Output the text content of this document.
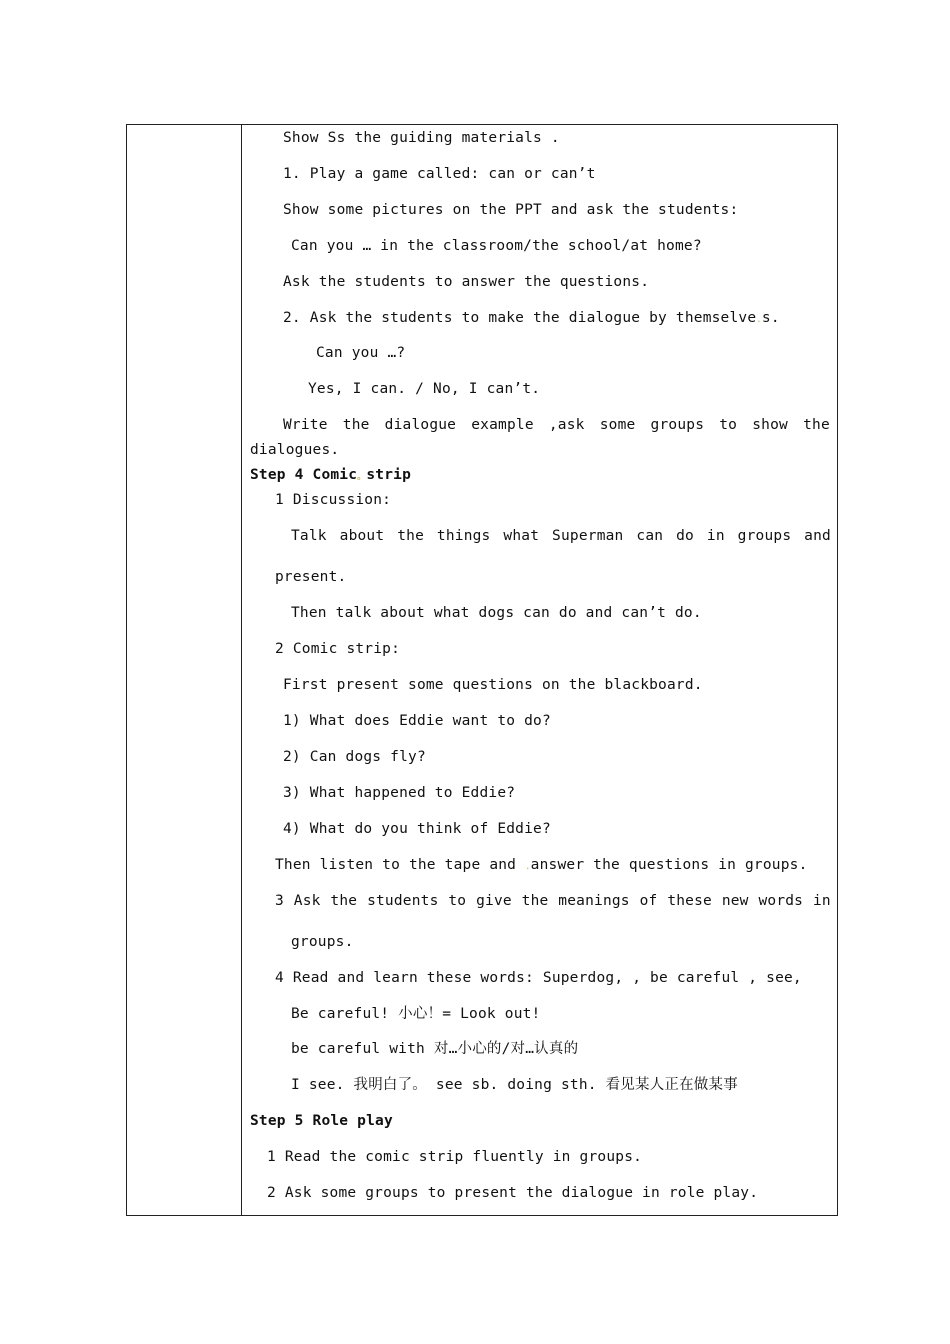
Show Ss the guiding materials .
1. Play a game called: can or can’t
Show some pictures on the PPT and ask the students:
Can you … in the classroom/the school/at home?
Ask the students to answer the questions.
2. Ask the students to make the dialogue by themselve.s.
Can you …?
Yes, I can. / No, I can’t.
Write the dialogue example ,ask some groups to show the
dialogues.
Step 4 Comic。strip
1 Discussion:
Talk about the things what Superman can do in groups and
present.
Then talk about what dogs can do and can’t do.
2 Comic strip:
First present some questions on the blackboard.
1) What does Eddie want to do?
2) Can dogs fly?
3) What happened to Eddie?
4) What do you think of Eddie?
Then listen to the tape and .answer the questions in groups.
3 Ask the students to give the meanings of these new words in
groups.
4 Read and learn these words: Superdog, , be careful , see,
Be careful! 小心！= Look out!
be careful with 对…小心的/对…认真的
I see. 我明白了。 see sb. doing sth. 看见某人正在做某事
Step 5 Role play
1 Read the comic strip fluently in groups.
2 Ask some groups to present the dialogue in role play.
